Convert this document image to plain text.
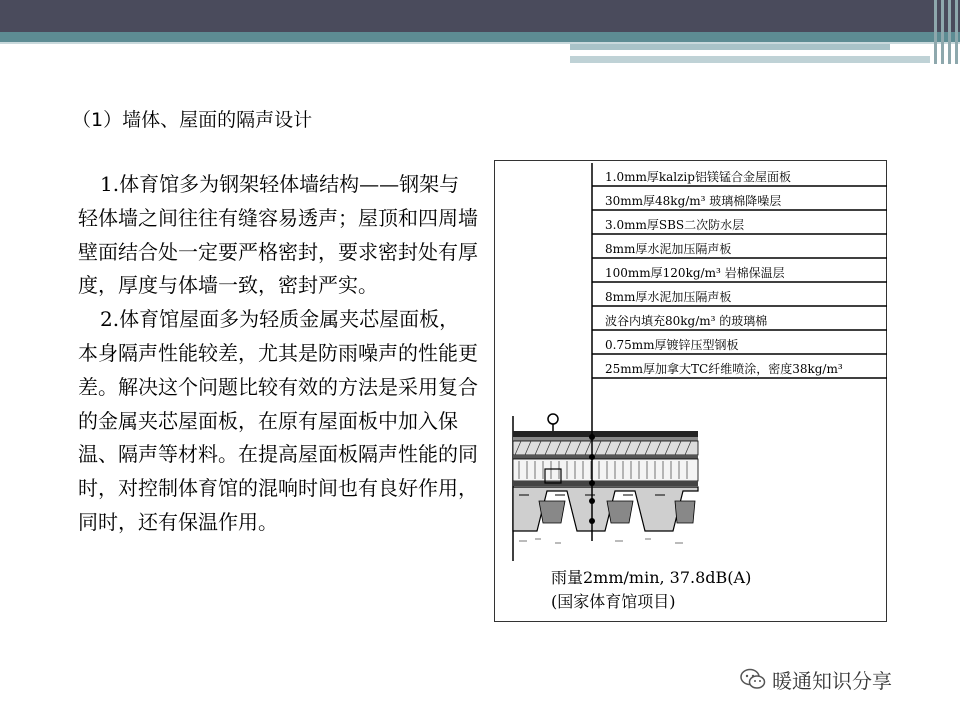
（1）墙体、屋面的隔声设计

1.体育馆多为钢架轻体墙结构——钢架与轻体墙之间往往有缝容易透声；屋顶和四周墙壁面结合处一定要严格密封，要求密封处有厚度，厚度与体墙一致，密封严实。

2.体育馆屋面多为轻质金属夹芯屋面板，本身隔声性能较差，尤其是防雨噪声的性能更差。解决这个问题比较有效的方法是采用复合的金属夹芯屋面板，在原有屋面板中加入保温、隔声等材料。在提高屋面板隔声性能的同时，对控制体育馆的混响时间也有良好作用，同时，还有保温作用。

1.0mm厚kalzip铝镁锰合金屋面板
30mm厚48kg/m³ 玻璃棉降噪层
3.0mm厚SBS二次防水层
8mm厚水泥加压隔声板
100mm厚120kg/m³ 岩棉保温层
8mm厚水泥加压隔声板
波谷内填充80kg/m³ 的玻璃棉
0.75mm厚镀锌压型钢板
25mm厚加拿大TC纤维喷涂，密度38kg/m³
雨量2mm/min, 37.8dB(A)
(国家体育馆项目)
暖通知识分享
